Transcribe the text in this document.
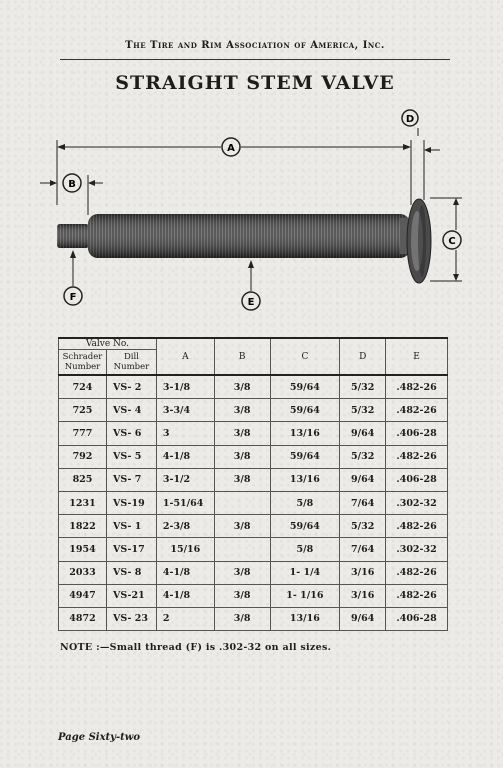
The Tire and Rim Association of America, Inc.
STRAIGHT STEM VALVE
A
B
D
C
F	E
Valve No.		A	B	C	D	E
Schrader
Number	Dill
Number					
724	VS- 2	3-1/8	3/8	59/64	5/32	.482-26
725	VS- 4	3-3/4	3/8	59/64	5/32	.482-26
777	VS- 6	3	3/8	13/16	9/64	.406-28
792	VS- 5	4-1/8	3/8	59/64	5/32	.482-26
825	VS- 7	3-1/2	3/8	13/16	9/64	.406-28
1231	VS-19	1-51/64		5/8	7/64	.302-32
1822	VS- 1	2-3/8	3/8	59/64	5/32	.482-26
1954	VS-17	15/16		5/8	7/64	.302-32
2033	VS- 8	4-1/8	3/8	1- 1/4	3/16	.482-26
4947	VS-21	4-1/8	3/8	1- 1/16	3/16	.482-26
4872	VS- 23	2	3/8	13/16	9/64	.406-28
NOTE :—Small thread (F) is .302-32 on all sizes.
Page Sixty-two
